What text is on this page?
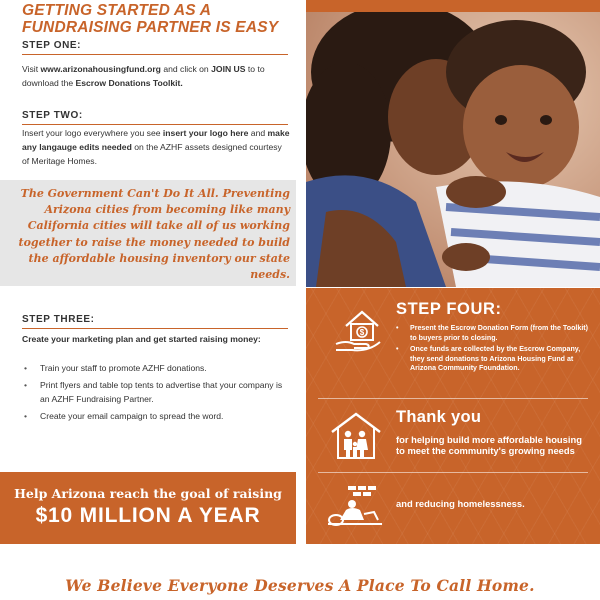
GETTING STARTED AS A FUNDRAISING PARTNER IS EASY
STEP ONE:
Visit www.arizonahousingfund.org and click on JOIN US to to download the Escrow Donations Toolkit.
STEP TWO:
Insert your logo everywhere you see insert your logo here and make any langauge edits needed on the AZHF assets designed courtesy of Meritage Homes.
The Government Can't Do It All. Preventing Arizona cities from becoming like many California cities will take all of us working together to raise the money needed to build the affordable housing inventory our state needs.
STEP THREE:
Create your marketing plan and get started raising money:
• Train your staff to promote AZHF donations.
• Print flyers and table top tents to advertise that your company is an AZHF Fundraising Partner.
• Create your email campaign to spread the word.
Help Arizona reach the goal of raising
$10 MILLION A YEAR
$
STEP FOUR:
• Present the Escrow Donation Form (from the Toolkit) to buyers prior to closing.
• Once funds are collected by the Escrow Company, they send donations to Arizona Housing Fund at Arizona Community Foundation.
Thank you
for helping build more affordable housing to meet the community's growing needs
and reducing homelessness.
We Believe Everyone Deserves A Place To Call Home.
